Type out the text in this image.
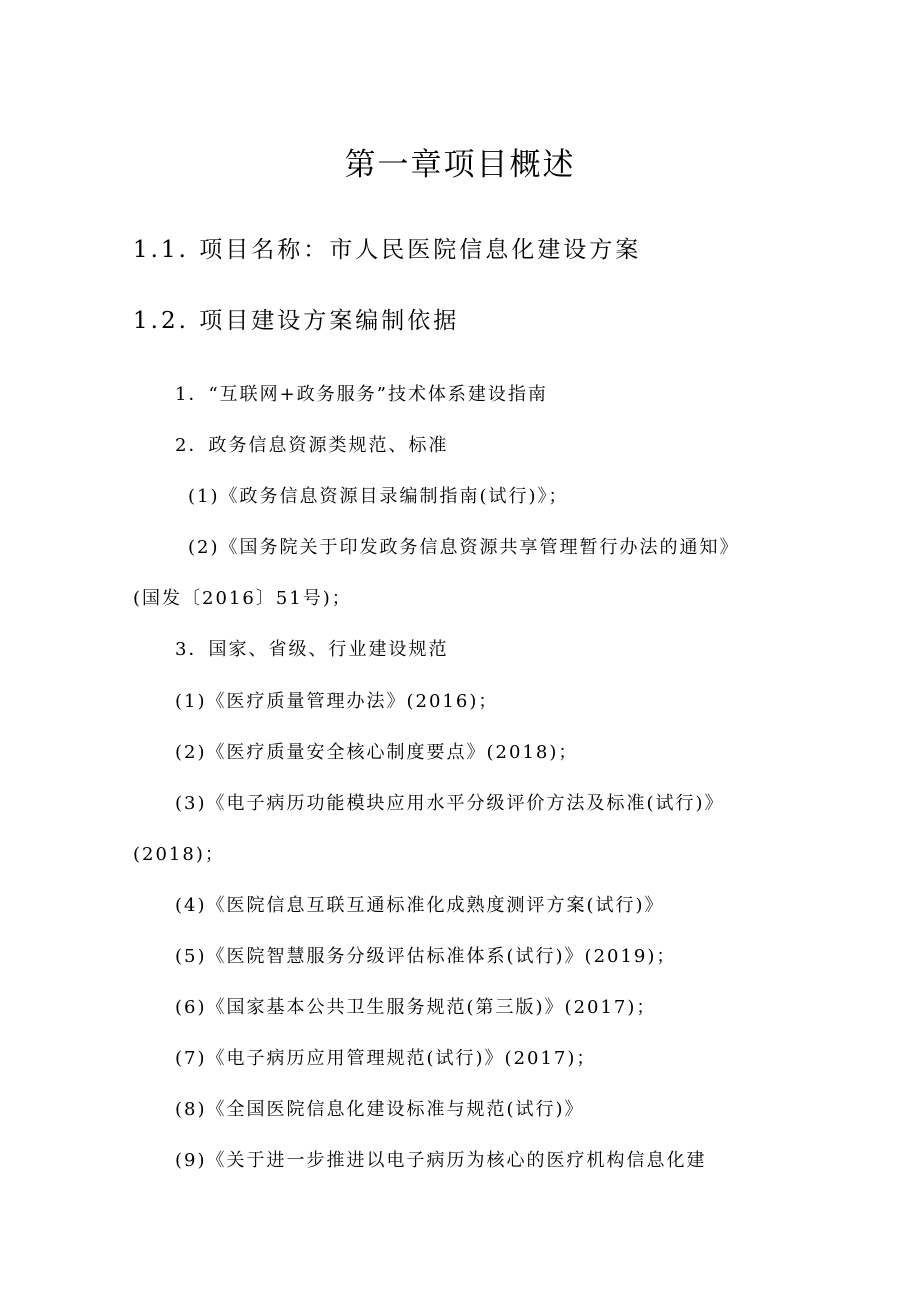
第一章项目概述
1.1. 项目名称：市人民医院信息化建设方案
1.2. 项目建设方案编制依据
1．“互联网+政务服务”技术体系建设指南
2．政务信息资源类规范、标准
(1)《政务信息资源目录编制指南(试行)》；
(2)《国务院关于印发政务信息资源共享管理暂行办法的通知》
(国发〔2016〕51号)；
3．国家、省级、行业建设规范
(1)《医疗质量管理办法》(2016)；
(2)《医疗质量安全核心制度要点》(2018)；
(3)《电子病历功能模块应用水平分级评价方法及标准(试行)》
(2018)；
(4)《医院信息互联互通标准化成熟度测评方案(试行)》
(5)《医院智慧服务分级评估标准体系(试行)》(2019)；
(6)《国家基本公共卫生服务规范(第三版)》(2017)；
(7)《电子病历应用管理规范(试行)》(2017)；
(8)《全国医院信息化建设标准与规范(试行)》
(9)《关于进一步推进以电子病历为核心的医疗机构信息化建
